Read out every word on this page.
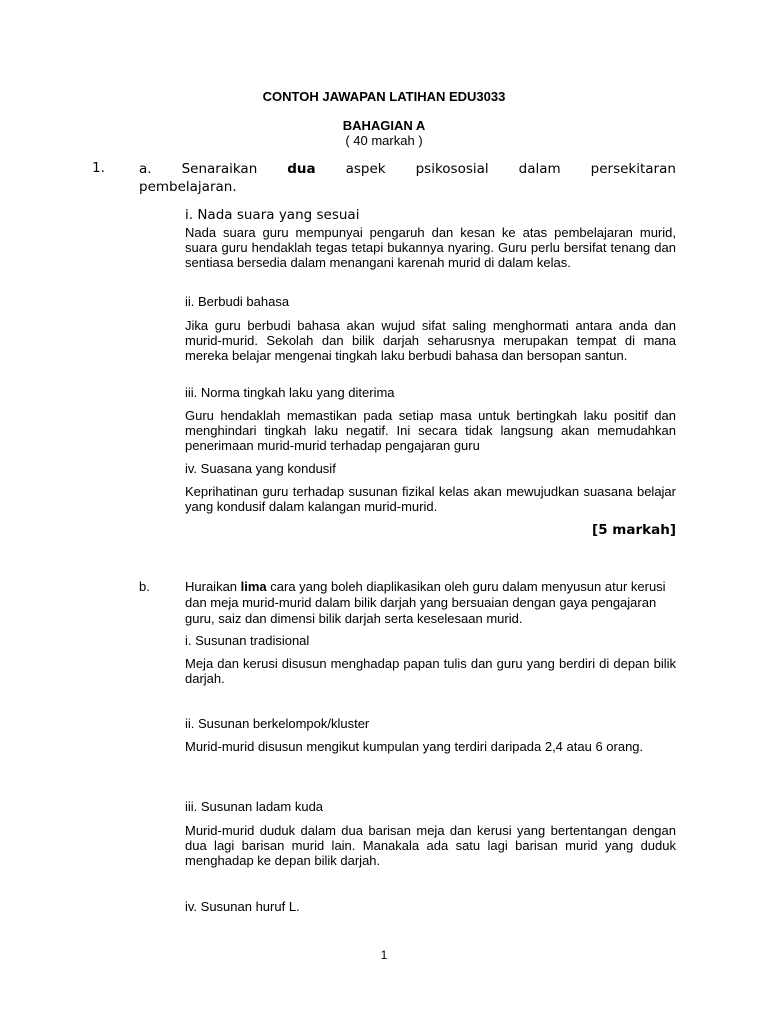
CONTOH JAWAPAN LATIHAN EDU3033

BAHAGIAN A

( 40 markah )

1.	a. Senaraikan dua aspek psikososial dalam persekitaran
pembelajaran.

i. Nada suara yang sesuai

Nada suara guru mempunyai pengaruh dan kesan ke atas pembelajaran murid, suara guru hendaklah tegas tetapi bukannya nyaring. Guru perlu bersifat tenang dan sentiasa bersedia dalam menangani karenah murid di dalam kelas.

ii. Berbudi bahasa

Jika guru berbudi bahasa akan wujud sifat saling menghormati antara anda dan murid-murid. Sekolah dan bilik darjah seharusnya merupakan tempat di mana mereka belajar mengenai tingkah laku berbudi bahasa dan bersopan santun.

iii. Norma tingkah laku yang diterima

Guru hendaklah memastikan pada setiap masa untuk bertingkah laku positif dan menghindari tingkah laku negatif. Ini secara tidak langsung akan memudahkan penerimaan murid-murid terhadap pengajaran guru

iv. Suasana yang kondusif

Keprihatinan guru terhadap susunan fizikal kelas akan mewujudkan suasana belajar yang kondusif dalam kalangan murid-murid.

[5 markah]

b.	Huraikan lima cara yang boleh diaplikasikan oleh guru dalam menyusun atur kerusi dan meja murid-murid dalam bilik darjah yang bersuaian dengan gaya pengajaran guru, saiz dan dimensi bilik darjah serta keselesaan murid.

i. Susunan tradisional

Meja dan kerusi disusun menghadap papan tulis dan guru yang berdiri di depan bilik darjah.

ii. Susunan berkelompok/kluster

Murid-murid disusun mengikut kumpulan yang terdiri daripada 2,4 atau 6 orang.

iii. Susunan ladam kuda

Murid-murid duduk dalam dua barisan meja dan kerusi yang bertentangan dengan dua lagi barisan murid lain. Manakala ada satu lagi barisan murid yang duduk menghadap ke depan bilik darjah.

iv. Susunan huruf L.

1
